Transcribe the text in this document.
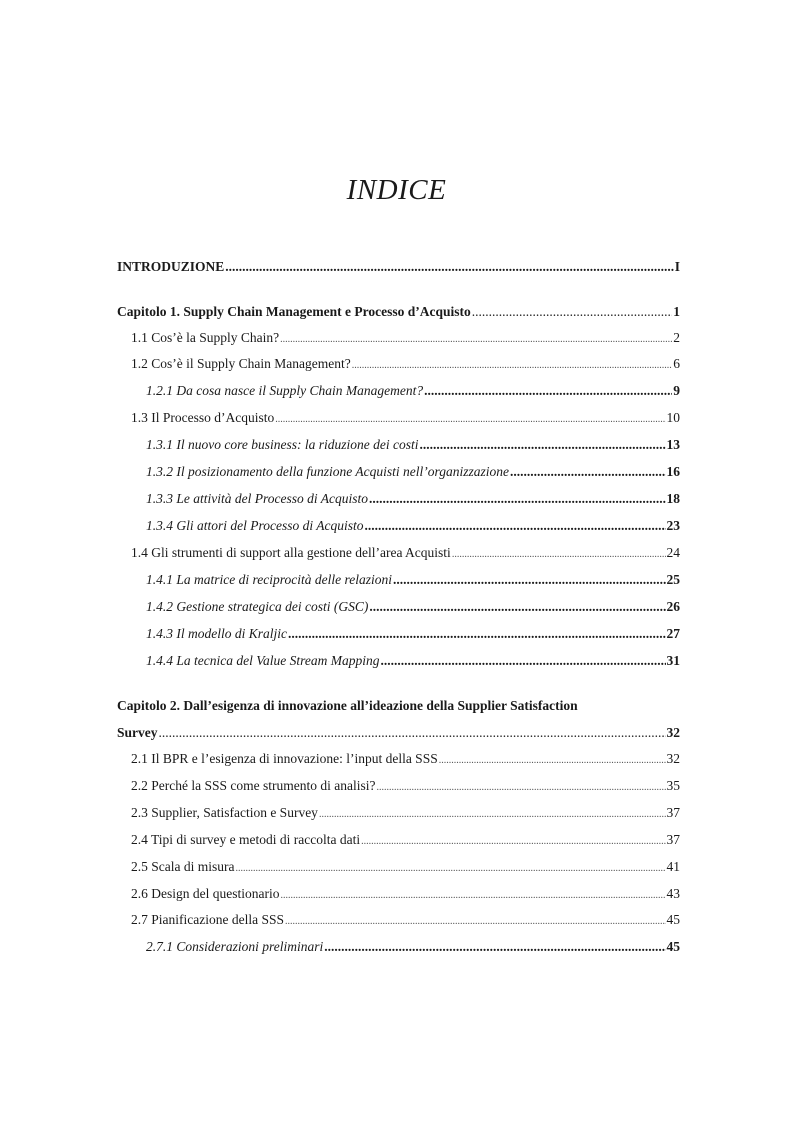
INDICE
INTRODUZIONE .....	I
Capitolo 1. Supply Chain Management e Processo d’Acquisto .....	1
1.1 Cos’è la Supply Chain? .....	2
1.2 Cos’è il Supply Chain Management? .....	6
1.2.1 Da cosa nasce il Supply Chain Management? .....	9
1.3 Il Processo d’Acquisto .....	10
1.3.1 Il nuovo core business: la riduzione dei costi .....	13
1.3.2 Il posizionamento della funzione Acquisti nell’organizzazione .....	16
1.3.3 Le attività del Processo di Acquisto .....	18
1.3.4 Gli attori del Processo di Acquisto .....	23
1.4 Gli strumenti di support alla gestione dell’area Acquisti .....	24
1.4.1 La matrice di reciprocità delle relazioni .....	25
1.4.2 Gestione strategica dei costi (GSC) .....	26
1.4.3 Il modello di Kraljic .....	27
1.4.4 La tecnica del Value Stream Mapping .....	31
Capitolo 2. Dall’esigenza di innovazione all’ideazione della Supplier Satisfaction
Survey .....	32
2.1 Il BPR e l’esigenza di innovazione: l’input della SSS .....	32
2.2 Perché la SSS come strumento di analisi? .....	35
2.3 Supplier, Satisfaction e Survey .....	37
2.4 Tipi di survey e metodi di raccolta dati .....	37
2.5 Scala di misura .....	41
2.6 Design del questionario .....	43
2.7 Pianificazione della SSS .....	45
2.7.1 Considerazioni preliminari .....	45
